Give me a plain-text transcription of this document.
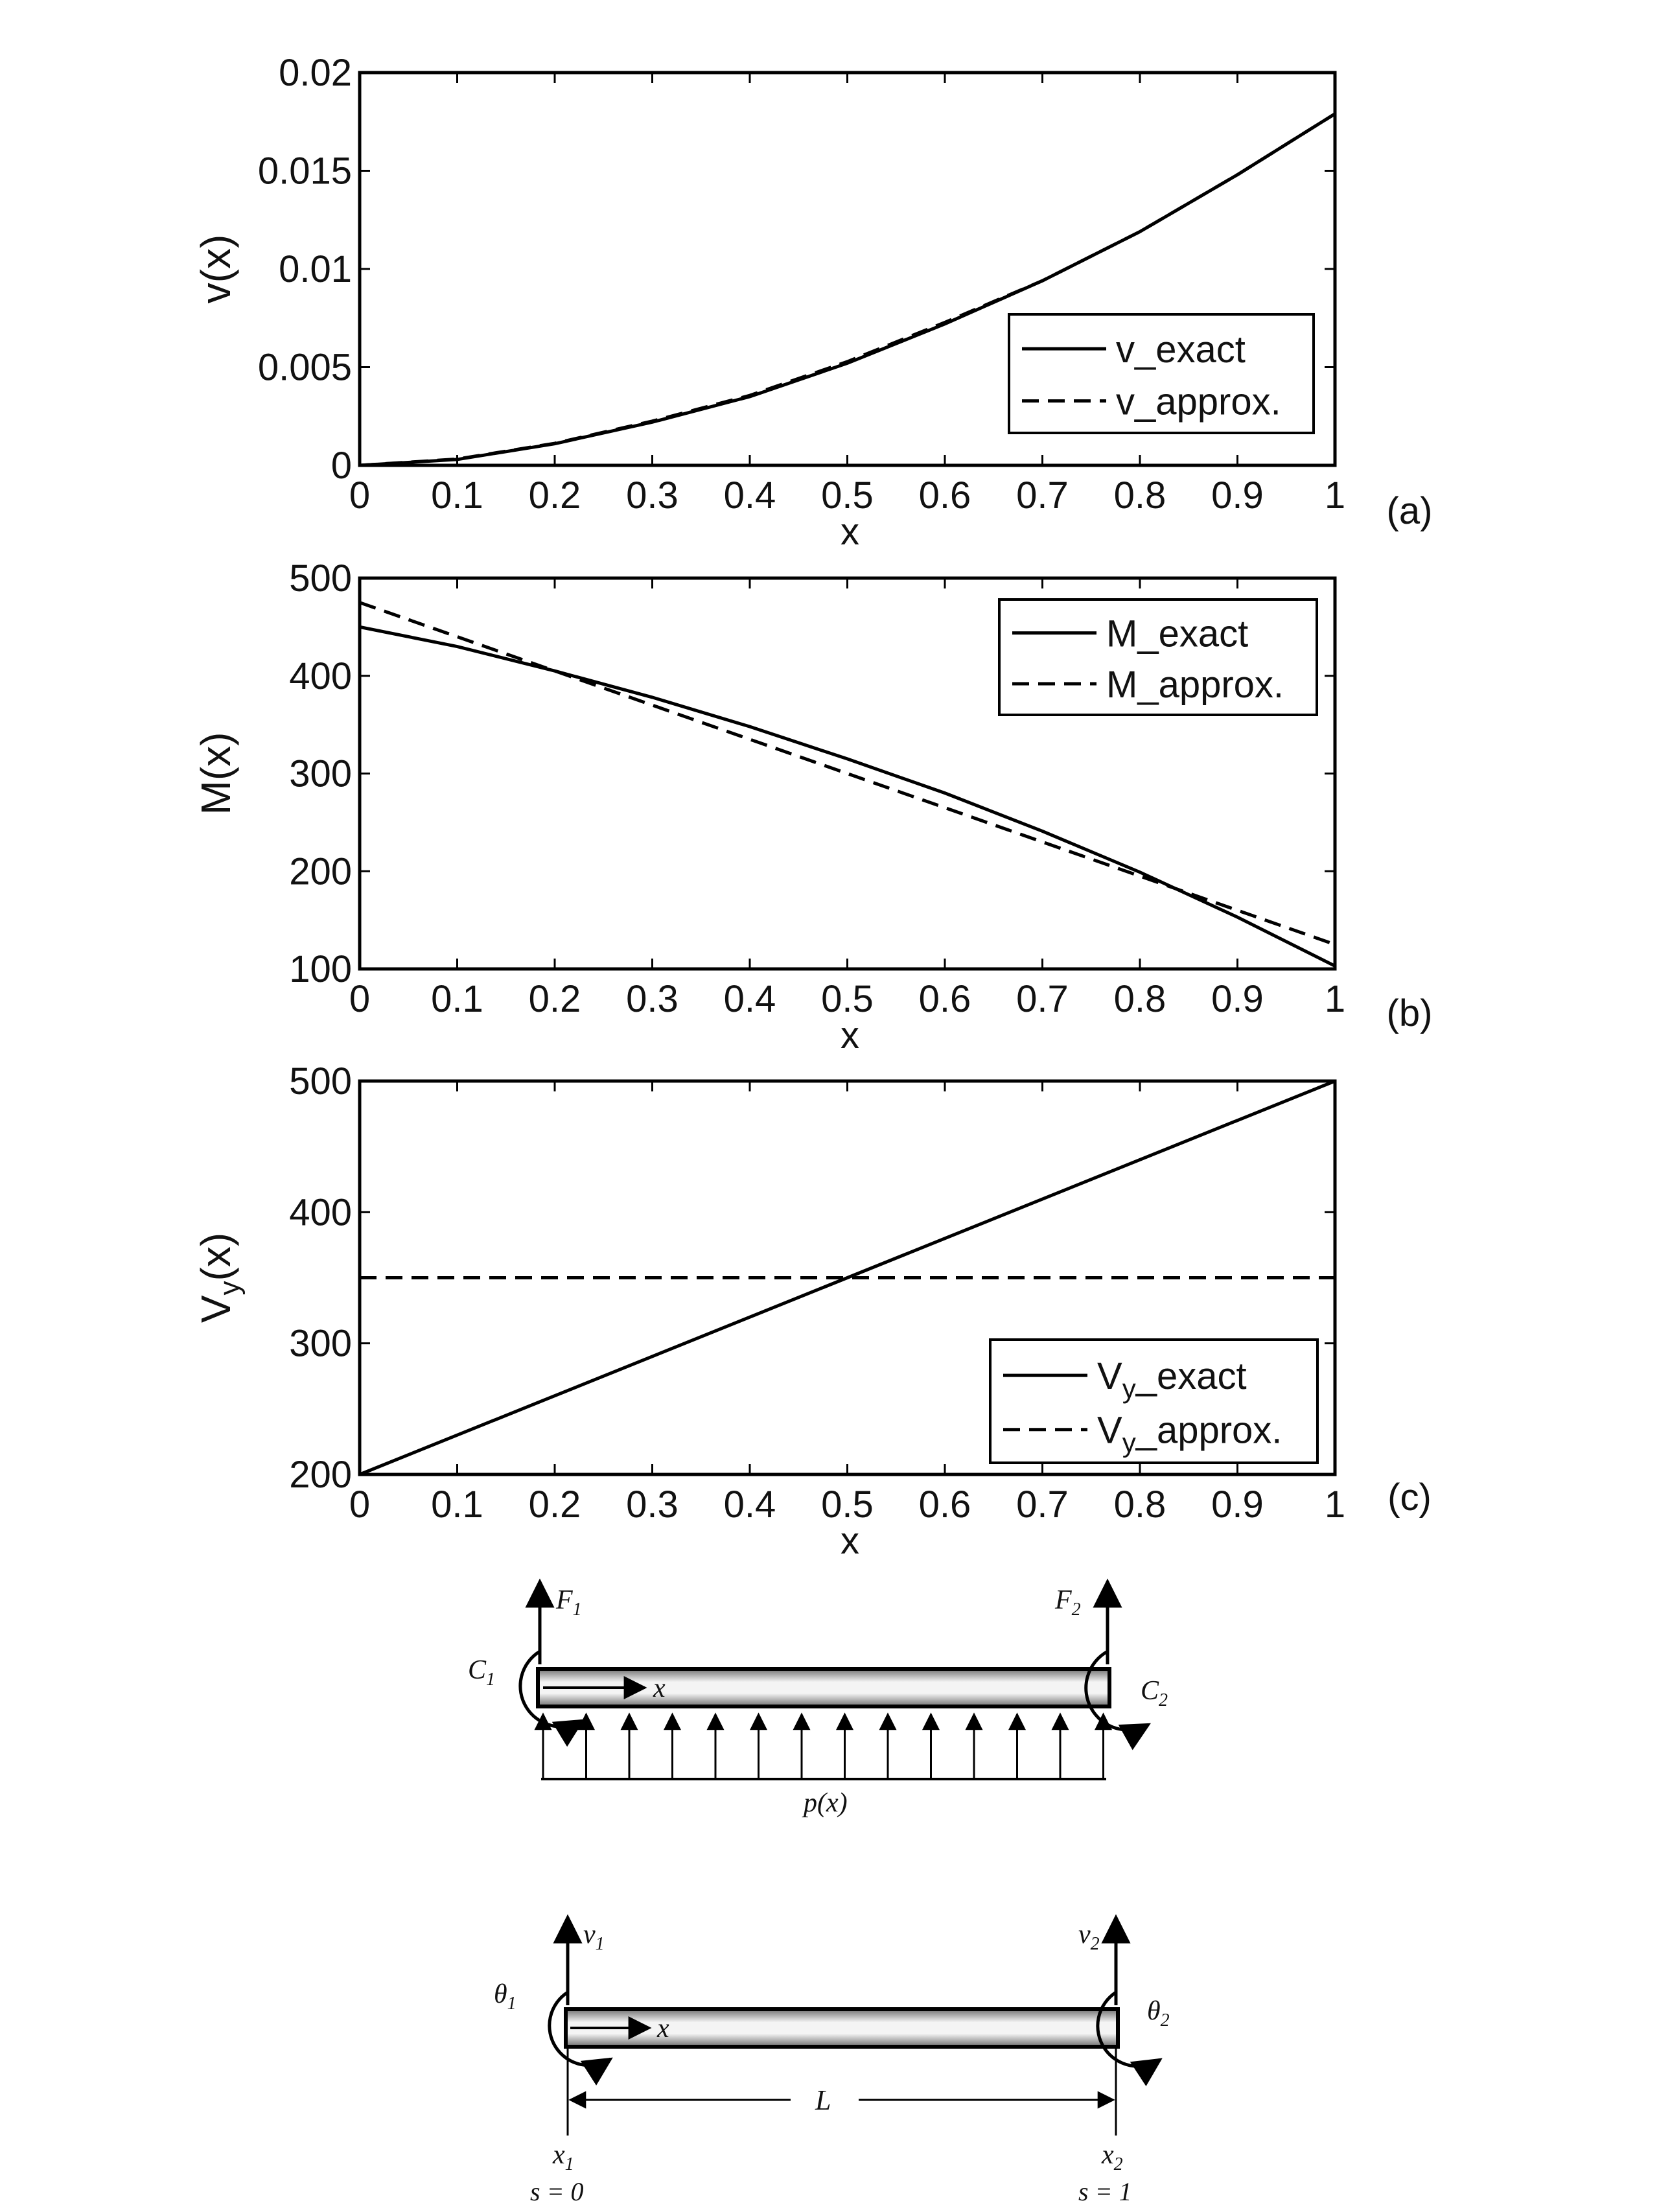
0 0.1 0.2 0.3 0.4 0.5 0.6 0.7 0.8 0.9 1
0
0.005
0.01
0.015
0.02
x
v(x)
v_exact
v_approx.
(a)
0 0.1 0.2 0.3 0.4 0.5 0.6 0.7 0.8 0.9 1
100
200
300
400
500
x
M(x)
M_exact
M_approx.
(b)
0 0.1 0.2 0.3 0.4 0.5 0.6 0.7 0.8 0.9 1
200
300
400
500
x
$V_y(x)$
$V_y\_exact$
$V_y\_approx$.
(c)
$F_1$	$F_2$
$C_1$	$C_2$
x
p(x)
$v_1$	$v_2$
$\theta_1$	$\theta_2$
x
L
$x_1$	$x_2$
s = 0	s = 1
